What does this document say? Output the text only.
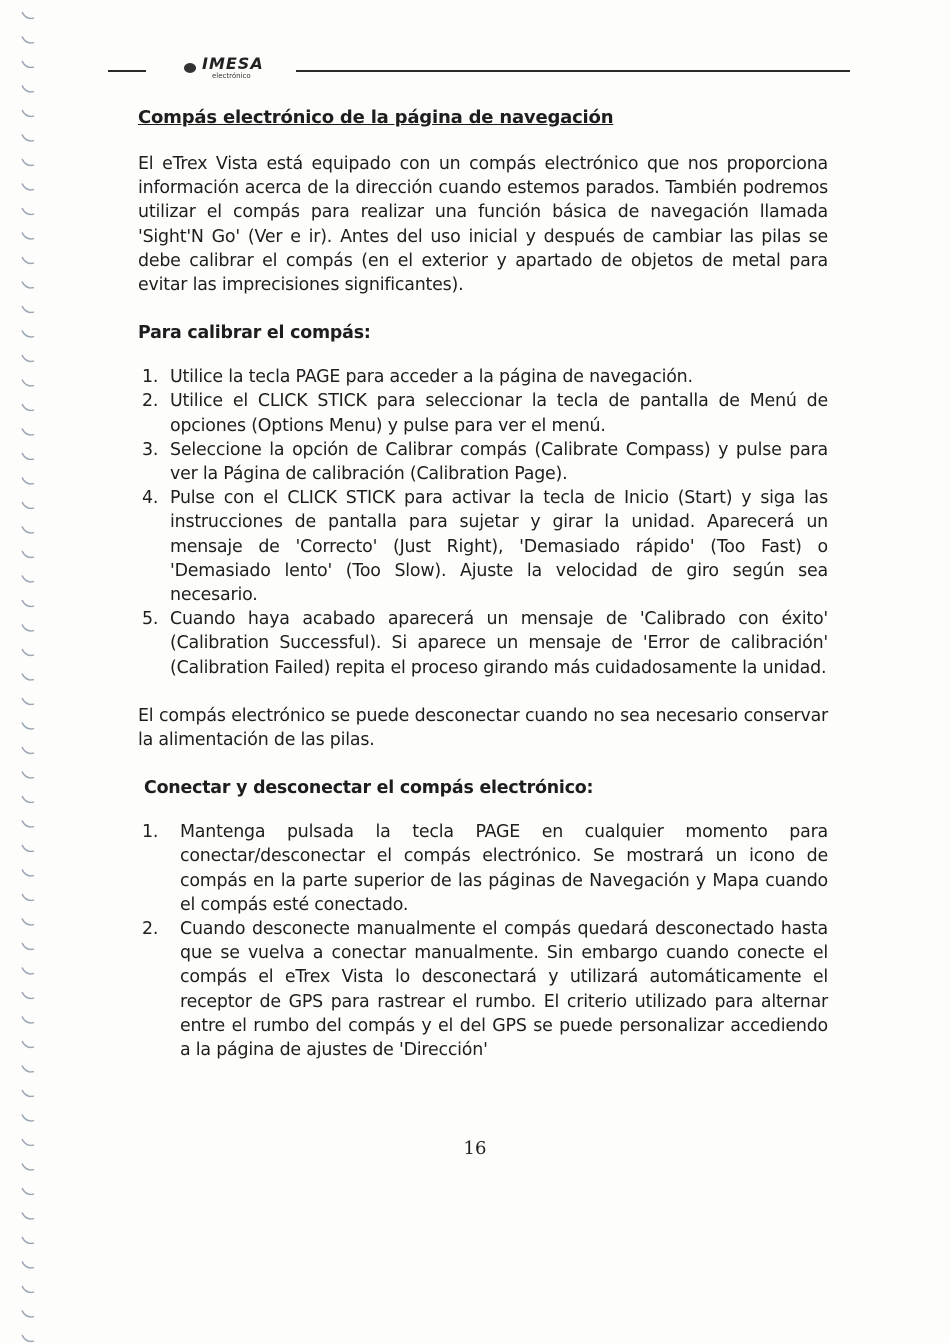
IMESA
electrónico
Compás electrónico de la página de navegación

El eTrex Vista está equipado con un compás electrónico que nos proporciona información acerca de la dirección cuando estemos parados. También podremos utilizar el compás para realizar una función básica de navegación llamada 'Sight'N Go' (Ver e ir). Antes del uso inicial y después de cambiar las pilas se debe calibrar el compás (en el exterior y apartado de objetos de metal para evitar las imprecisiones significantes).

Para calibrar el compás:
1. Utilice la tecla PAGE para acceder a la página de navegación.
2. Utilice el CLICK STICK para seleccionar la tecla de pantalla de Menú de opciones (Options Menu) y pulse para ver el menú.
3. Seleccione la opción de Calibrar compás (Calibrate Compass) y pulse para ver la Página de calibración (Calibration Page).
4. Pulse con el CLICK STICK para activar la tecla de Inicio (Start) y siga las instrucciones de pantalla para sujetar y girar la unidad. Aparecerá un mensaje de 'Correcto' (Just Right), 'Demasiado rápido' (Too Fast) o 'Demasiado lento' (Too Slow). Ajuste la velocidad de giro según sea necesario.
5. Cuando haya acabado aparecerá un mensaje de 'Calibrado con éxito' (Calibration Successful). Si aparece un mensaje de 'Error de calibración' (Calibration Failed) repita el proceso girando más cuidadosamente la unidad.

El compás electrónico se puede desconectar cuando no sea necesario conservar la alimentación de las pilas.

Conectar y desconectar el compás electrónico:
1. Mantenga pulsada la tecla PAGE en cualquier momento para conectar/desconectar el compás electrónico. Se mostrará un icono de compás en la parte superior de las páginas de Navegación y Mapa cuando el compás esté conectado.
2. Cuando desconecte manualmente el compás quedará desconectado hasta que se vuelva a conectar manualmente. Sin embargo cuando conecte el compás el eTrex Vista lo desconectará y utilizará automáticamente el receptor de GPS para rastrear el rumbo. El criterio utilizado para alternar entre el rumbo del compás y el del GPS se puede personalizar accediendo a la página de ajustes de 'Dirección'
16
